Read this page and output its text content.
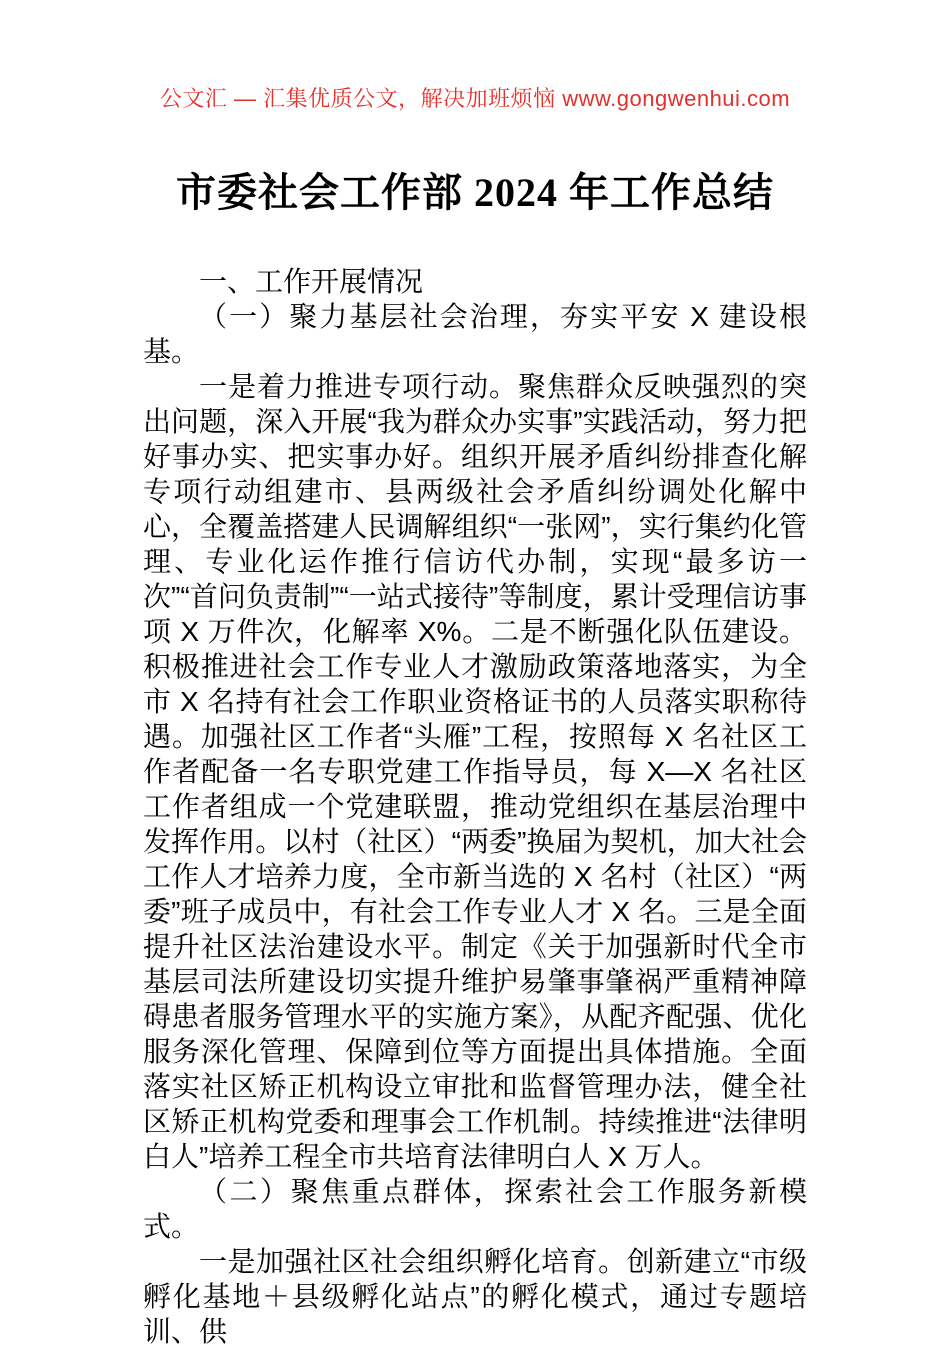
公文汇 — 汇集优质公文，解决加班烦恼 www.gongwenhui.com
市委社会工作部 2024 年工作总结

一、工作开展情况

（一）聚力基层社会治理，夯实平安 X 建设根基。

一是着力推进专项行动。聚焦群众反映强烈的突出问题，深入开展“我为群众办实事”实践活动，努力把好事办实、把实事办好。组织开展矛盾纠纷排查化解专项行动组建市、县两级社会矛盾纠纷调处化解中心，全覆盖搭建人民调解组织“一张网”，实行集约化管理、专业化运作推行信访代办制，实现“最多访一次”“首问负责制”“一站式接待”等制度，累计受理信访事项 X 万件次，化解率 X%。二是不断强化队伍建设。积极推进社会工作专业人才激励政策落地落实，为全市 X 名持有社会工作职业资格证书的人员落实职称待遇。加强社区工作者“头雁”工程，按照每 X 名社区工作者配备一名专职党建工作指导员，每 X—X 名社区工作者组成一个党建联盟，推动党组织在基层治理中发挥作用。以村（社区）“两委”换届为契机，加大社会工作人才培养力度，全市新当选的 X 名村（社区）“两委”班子成员中，有社会工作专业人才 X 名。三是全面提升社区法治建设水平。制定《关于加强新时代全市基层司法所建设切实提升维护易肇事肇祸严重精神障碍患者服务管理水平的实施方案》，从配齐配强、优化服务深化管理、保障到位等方面提出具体措施。全面落实社区矫正机构设立审批和监督管理办法，健全社区矫正机构党委和理事会工作机制。持续推进“法律明白人”培养工程全市共培育法律明白人 X 万人。

（二）聚焦重点群体，探索社会工作服务新模式。

一是加强社区社会组织孵化培育。创新建立“市级孵化基地＋县级孵化站点”的孵化模式，通过专题培训、供
